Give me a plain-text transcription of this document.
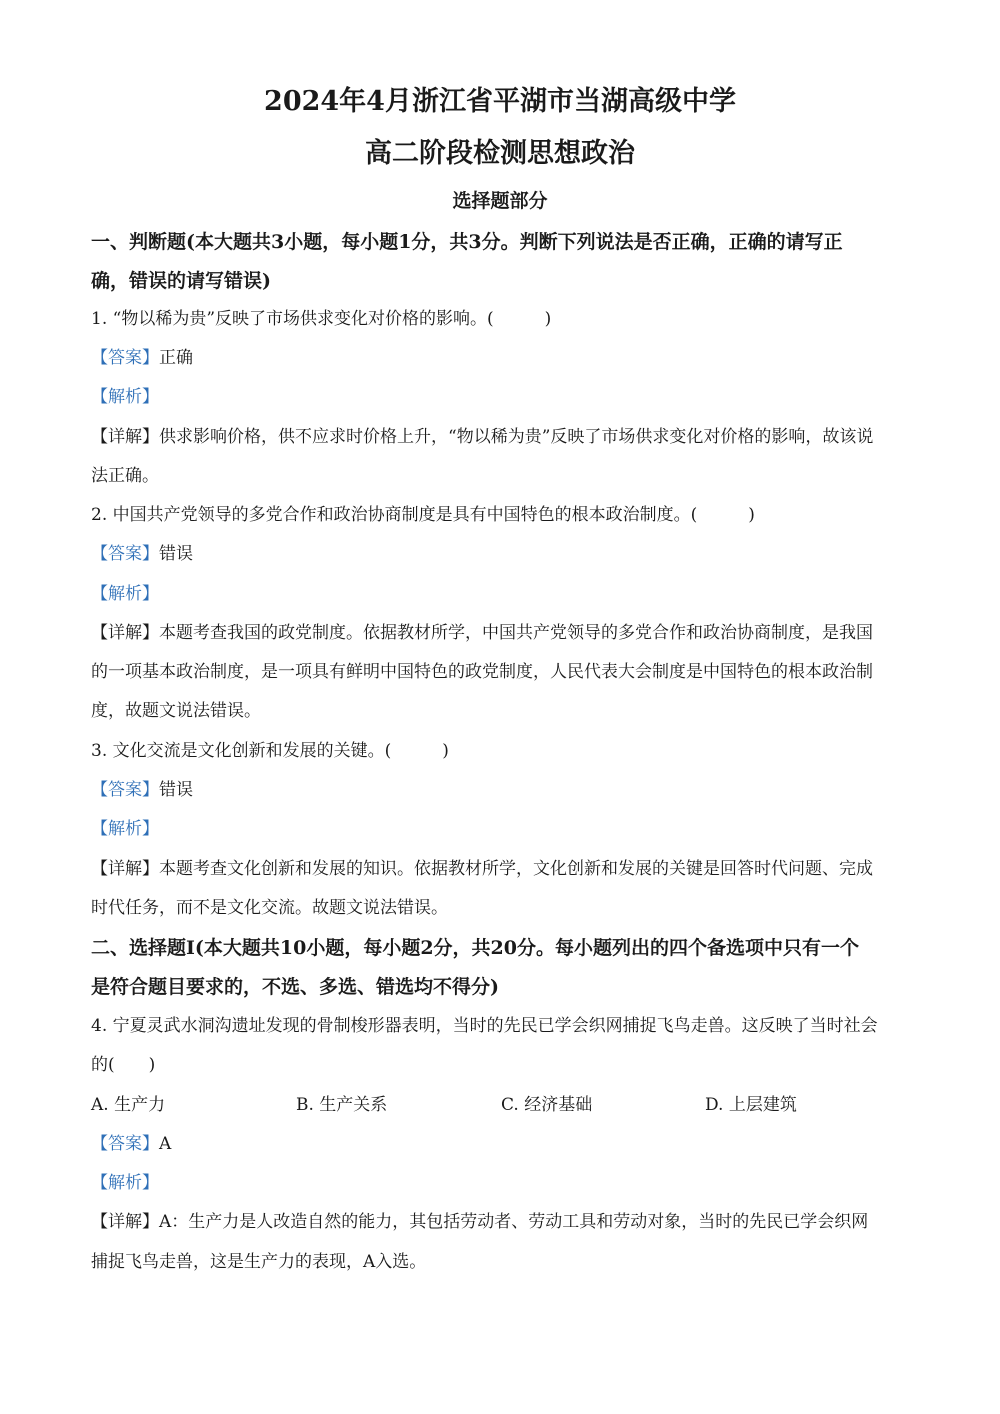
2024年4月浙江省平湖市当湖高级中学
高二阶段检测思想政治
选择题部分
一、判断题(本大题共3小题，每小题1分，共3分。判断下列说法是否正确，正确的请写正
确，错误的请写错误)
1. “物以稀为贵”反映了市场供求变化对价格的影响。(　　　)
【答案】正确
【解析】
【详解】供求影响价格，供不应求时价格上升，“物以稀为贵”反映了市场供求变化对价格的影响，故该说
法正确。
2. 中国共产党领导的多党合作和政治协商制度是具有中国特色的根本政治制度。(　　　)
【答案】错误
【解析】
【详解】本题考查我国的政党制度。依据教材所学，中国共产党领导的多党合作和政治协商制度，是我国
的一项基本政治制度，是一项具有鲜明中国特色的政党制度，人民代表大会制度是中国特色的根本政治制
度，故题文说法错误。
3. 文化交流是文化创新和发展的关键。(　　　)
【答案】错误
【解析】
【详解】本题考查文化创新和发展的知识。依据教材所学，文化创新和发展的关键是回答时代问题、完成
时代任务，而不是文化交流。故题文说法错误。
二、选择题Ⅰ(本大题共10小题，每小题2分，共20分。每小题列出的四个备选项中只有一个
是符合题目要求的，不选、多选、错选均不得分)
4. 宁夏灵武水洞沟遗址发现的骨制梭形器表明，当时的先民已学会织网捕捉飞鸟走兽。这反映了当时社会
的(　　)
A. 生产力	B. 生产关系	C. 经济基础	D. 上层建筑
【答案】A
【解析】
【详解】A：生产力是人改造自然的能力，其包括劳动者、劳动工具和劳动对象，当时的先民已学会织网
捕捉飞鸟走兽，这是生产力的表现，A入选。
